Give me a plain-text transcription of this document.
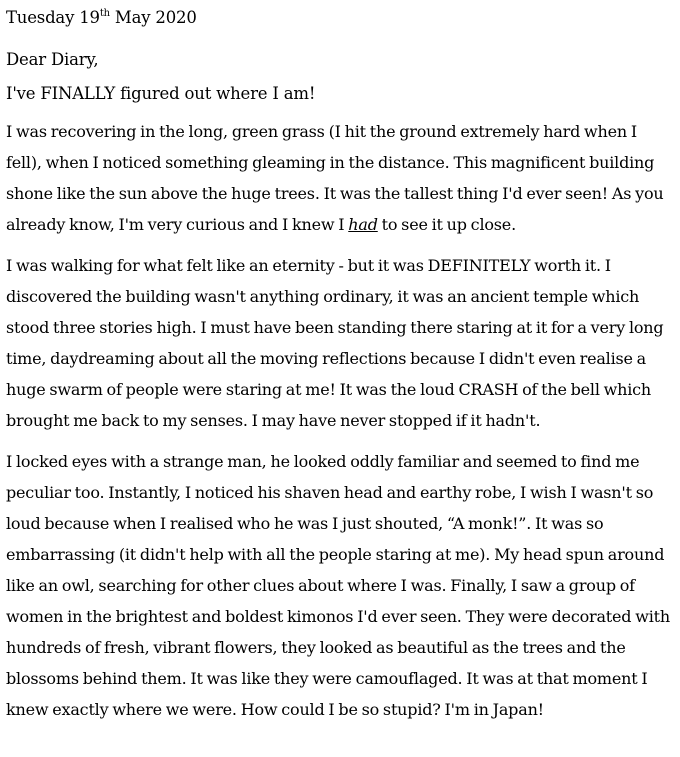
Tuesday 19th May 2020
Dear Diary,
I've FINALLY figured out where I am!
I was recovering in the long, green grass (I hit the ground extremely hard when I fell), when I noticed something gleaming in the distance. This magnificent building shone like the sun above the huge trees. It was the tallest thing I'd ever seen! As you already know, I'm very curious and I knew I had to see it up close.

I was walking for what felt like an eternity - but it was DEFINITELY worth it. I discovered the building wasn't anything ordinary, it was an ancient temple which stood three stories high. I must have been standing there staring at it for a very long time, daydreaming about all the moving reflections because I didn't even realise a huge swarm of people were staring at me! It was the loud CRASH of the bell which brought me back to my senses. I may have never stopped if it hadn't.

I locked eyes with a strange man, he looked oddly familiar and seemed to find me peculiar too. Instantly, I noticed his shaven head and earthy robe, I wish I wasn't so loud because when I realised who he was I just shouted, “A monk!”. It was so embarrassing (it didn't help with all the people staring at me). My head spun around like an owl, searching for other clues about where I was. Finally, I saw a group of women in the brightest and boldest kimonos I'd ever seen. They were decorated with hundreds of fresh, vibrant flowers, they looked as beautiful as the trees and the blossoms behind them. It was like they were camouflaged. It was at that moment I knew exactly where we were. How could I be so stupid? I'm in Japan!
